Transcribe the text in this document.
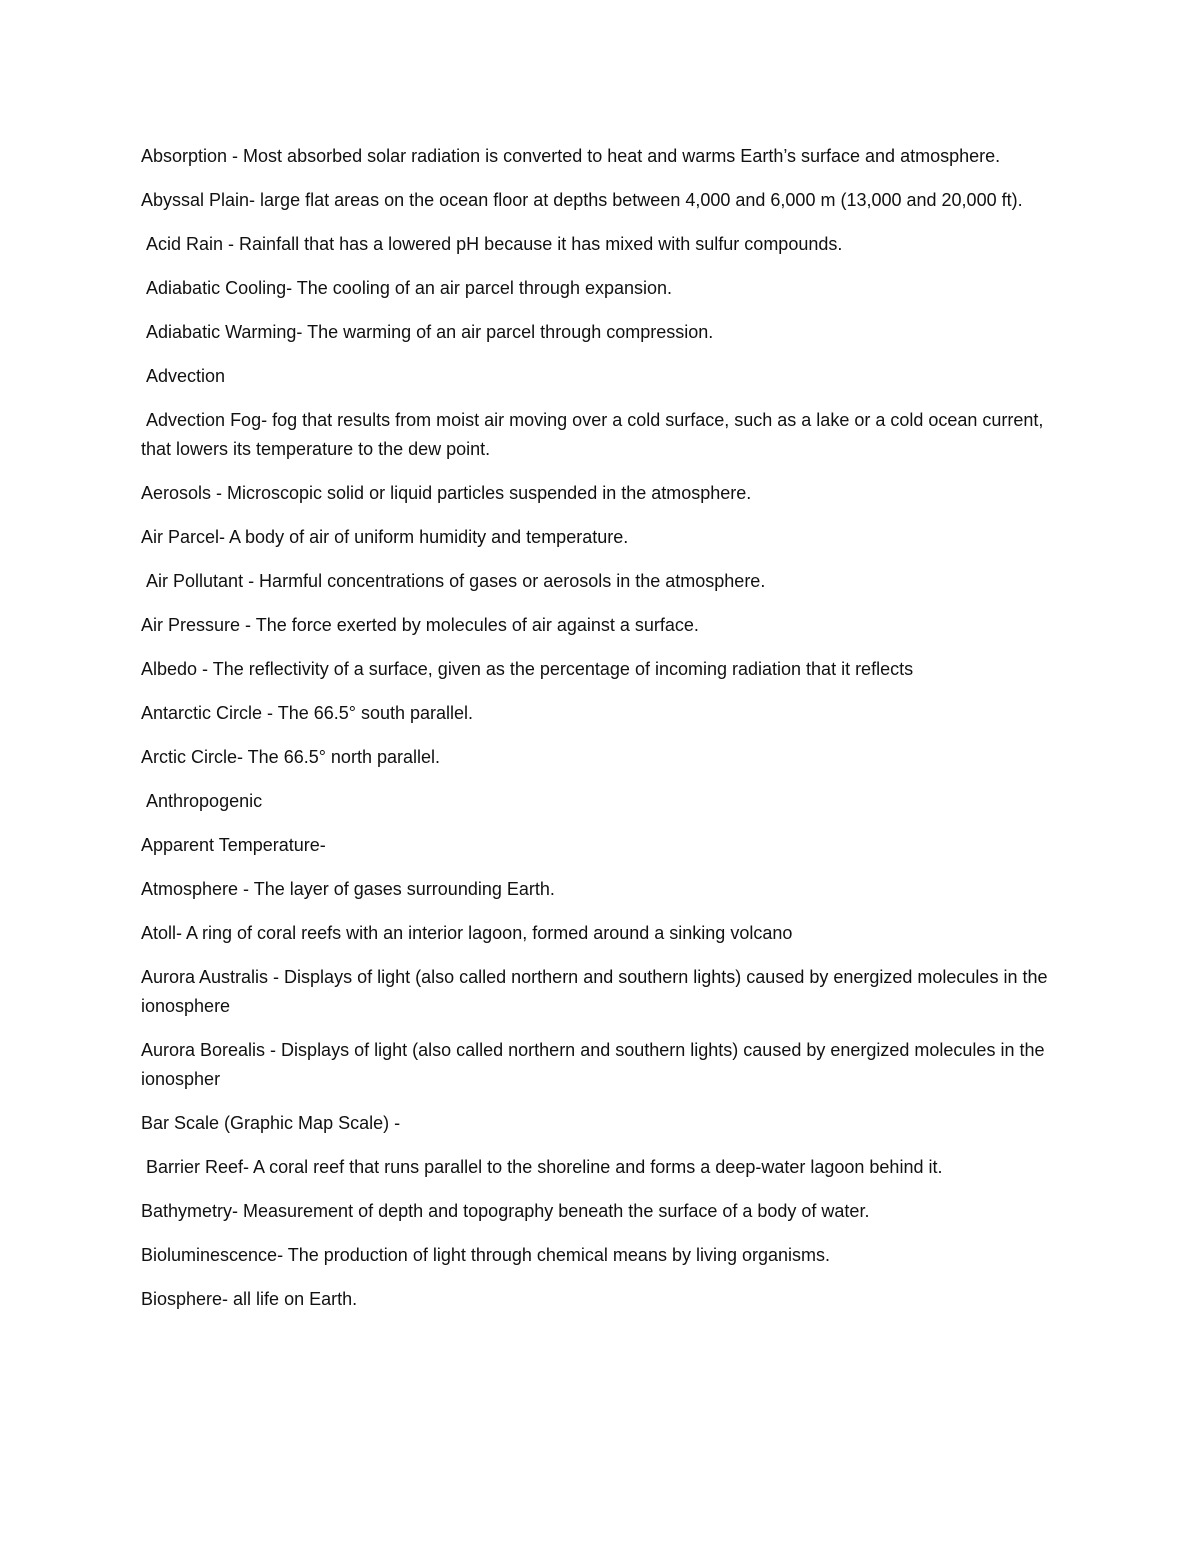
Absorption - Most absorbed solar radiation is converted to heat and warms Earth’s surface and atmosphere.

Abyssal Plain- large flat areas on the ocean floor at depths between 4,000 and 6,000 m (13,000 and 20,000 ft).

Acid Rain - Rainfall that has a lowered pH because it has mixed with sulfur compounds.

Adiabatic Cooling- The cooling of an air parcel through expansion.

Adiabatic Warming- The warming of an air parcel through compression.

Advection

Advection Fog- fog that results from moist air moving over a cold surface, such as a lake or a cold ocean current, that lowers its temperature to the dew point.

Aerosols - Microscopic solid or liquid particles suspended in the atmosphere.

Air Parcel- A body of air of uniform humidity and temperature.

Air Pollutant - Harmful concentrations of gases or aerosols in the atmosphere.

Air Pressure - The force exerted by molecules of air against a surface.

Albedo - The reflectivity of a surface, given as the percentage of incoming radiation that it reflects

Antarctic Circle - The 66.5° south parallel.

Arctic Circle- The 66.5° north parallel.

Anthropogenic

Apparent Temperature-

Atmosphere - The layer of gases surrounding Earth.

Atoll- A ring of coral reefs with an interior lagoon, formed around a sinking volcano

Aurora Australis - Displays of light (also called northern and southern lights) caused by energized molecules in the ionosphere

Aurora Borealis - Displays of light (also called northern and southern lights) caused by energized molecules in the ionospher

Bar Scale (Graphic Map Scale) -

Barrier Reef- A coral reef that runs parallel to the shoreline and forms a deep-water lagoon behind it.

Bathymetry- Measurement of depth and topography beneath the surface of a body of water.

Bioluminescence- The production of light through chemical means by living organisms.

Biosphere- all life on Earth.
